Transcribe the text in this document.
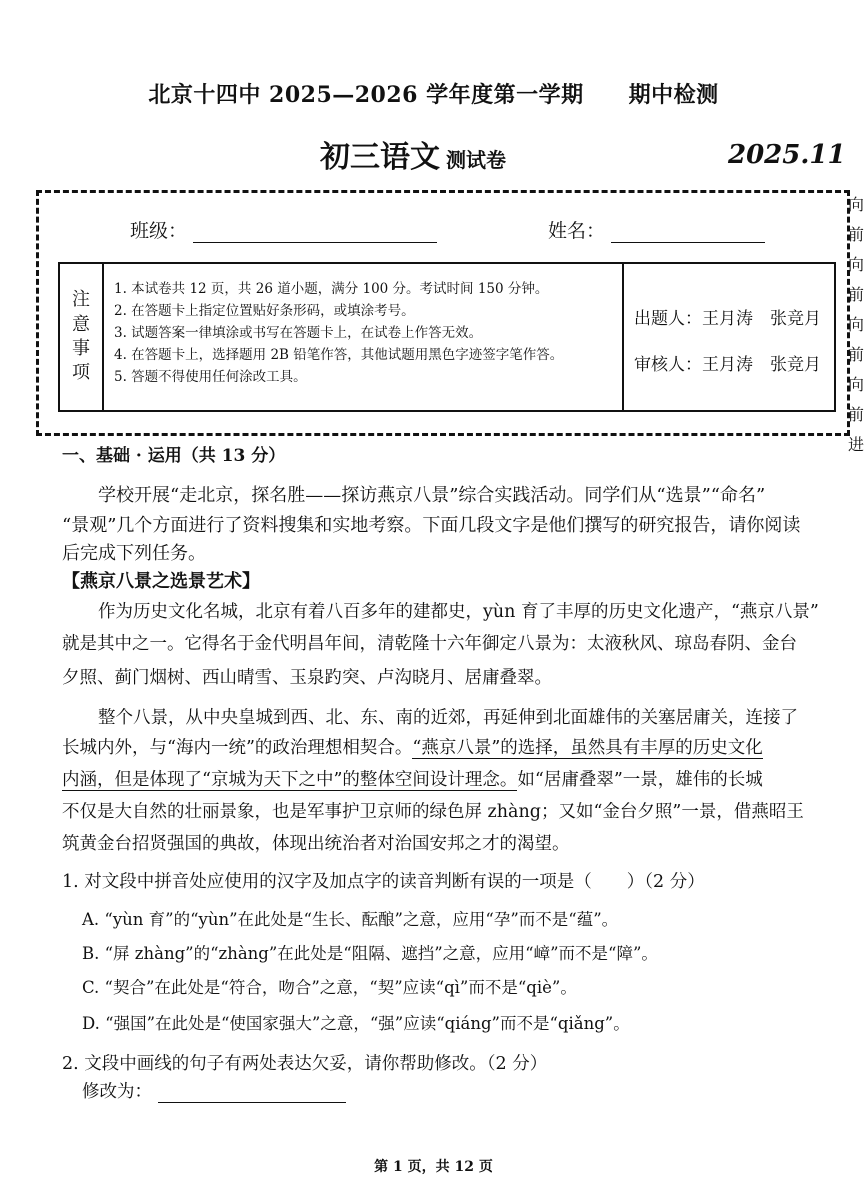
北京十四中 2025—2026 学年度第一学期　　期中检测
初三语文 测试卷	2025.11
班级：	姓名：
注
意
事
项
1. 本试卷共 12 页，共 26 道小题，满分 100 分。考试时间 150 分钟。
2. 在答题卡上指定位置贴好条形码，或填涂考号。
3. 试题答案一律填涂或书写在答题卡上，在试卷上作答无效。
4. 在答题卡上，选择题用 2B 铅笔作答，其他试题用黑色字迹签字笔作答。
5. 答题不得使用任何涂改工具。
出题人：王月涛　张竞月
审核人：王月涛　张竞月
向
前
向
前
向
前
向
前
进
一、基础 · 运用（共 13 分）
学校开展“走北京，探名胜——探访燕京八景”综合实践活动。同学们从“选景”“命名”
“景观”几个方面进行了资料搜集和实地考察。下面几段文字是他们撰写的研究报告，请你阅读
后完成下列任务。
【燕京八景之选景艺术】
作为历史文化名城，北京有着八百多年的建都史，yùn 育了丰厚的历史文化遗产，“燕京八景”
就是其中之一。它得名于金代明昌年间，清乾隆十六年御定八景为：太液秋风、琼岛春阴、金台
夕照、蓟门烟树、西山晴雪、玉泉趵突、卢沟晓月、居庸叠翠。
整个八景，从中央皇城到西、北、东、南的近郊，再延伸到北面雄伟的关塞居庸关，连接了
长城内外，与“海内一统”的政治理想相契合。“燕京八景”的选择，虽然具有丰厚的历史文化
内涵，但是体现了“京城为天下之中”的整体空间设计理念。如“居庸叠翠”一景，雄伟的长城
不仅是大自然的壮丽景象，也是军事护卫京师的绿色屏 zhàng；又如“金台夕照”一景，借燕昭王
筑黄金台招贤强国的典故，体现出统治者对治国安邦之才的渴望。
1. 对文段中拼音处应使用的汉字及加点字的读音判断有误的一项是（　　）（2 分）
A. “yùn 育”的“yùn”在此处是“生长、酝酿”之意，应用“孕”而不是“蕴”。
B. “屏 zhàng”的“zhàng”在此处是“阻隔、遮挡”之意，应用“嶂”而不是“障”。
C. “契合”在此处是“符合，吻合”之意，“契”应读“qì”而不是“qiè”。
D. “强国”在此处是“使国家强大”之意，“强”应读“qiáng”而不是“qiǎng”。
2. 文段中画线的句子有两处表达欠妥，请你帮助修改。（2 分）
修改为：
第 1 页，共 12 页
